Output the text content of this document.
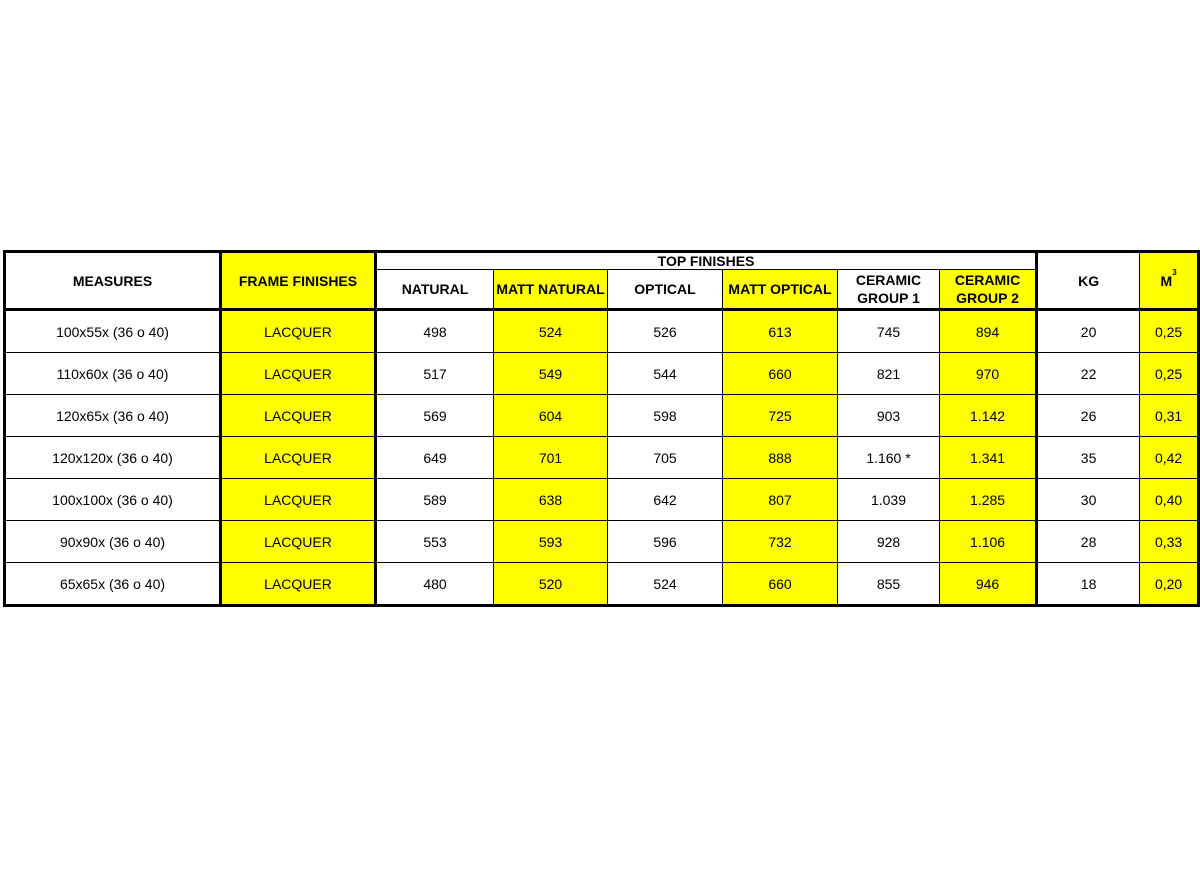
MEASURES	FRAME FINISHES	TOP FINISHES						KG	$M^3$
		NATURAL	MATT NATURAL	OPTICAL	MATT OPTICAL	CERAMIC GROUP 1	CERAMIC GROUP 2		
100x55x (36 o 40)	LACQUER	498	524	526	613	745	894	20	0,25
110x60x (36 o 40)	LACQUER	517	549	544	660	821	970	22	0,25
120x65x (36 o 40)	LACQUER	569	604	598	725	903	1.142	26	0,31
120x120x (36 o 40)	LACQUER	649	701	705	888	1.160 *	1.341	35	0,42
100x100x (36 o 40)	LACQUER	589	638	642	807	1.039	1.285	30	0,40
90x90x (36 o 40)	LACQUER	553	593	596	732	928	1.106	28	0,33
65x65x (36 o 40)	LACQUER	480	520	524	660	855	946	18	0,20
